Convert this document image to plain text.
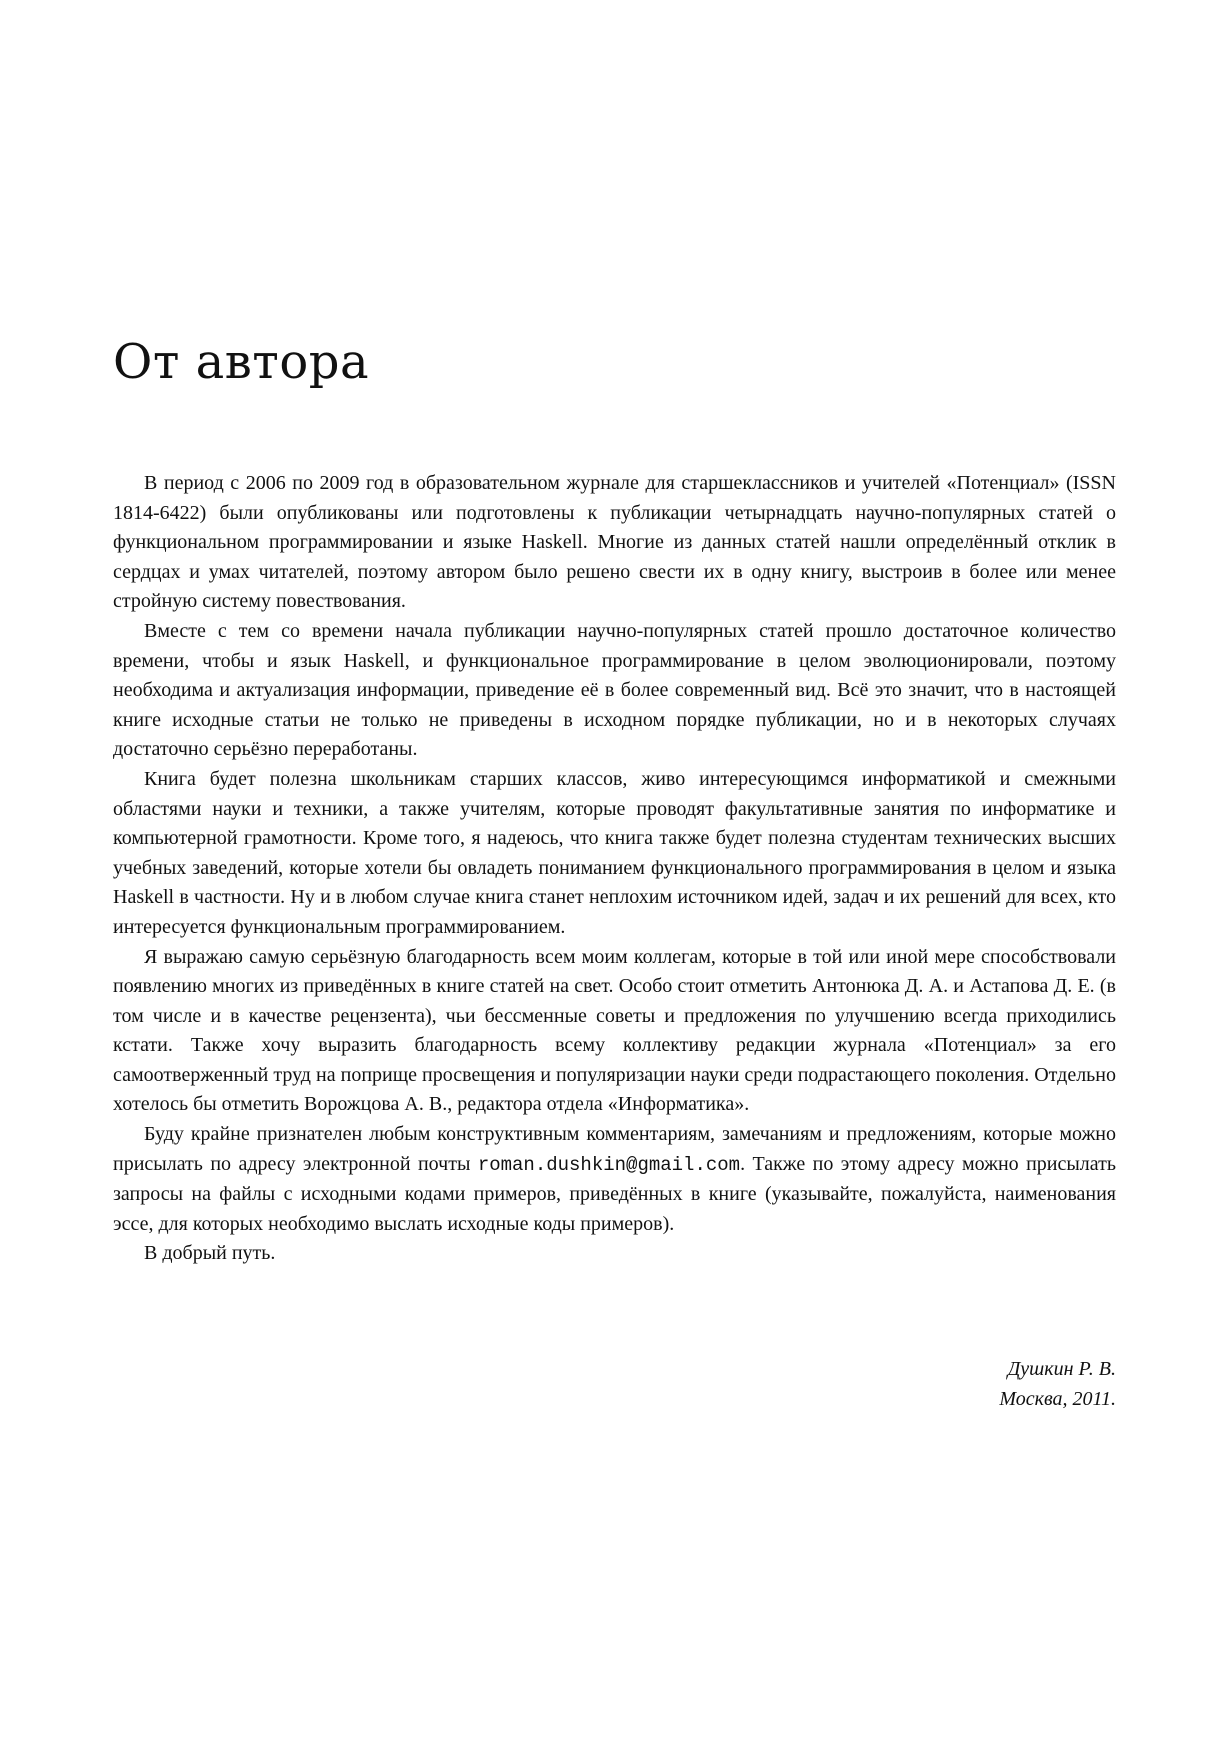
От автора

В период с 2006 по 2009 год в образовательном журнале для старшеклассников и учителей «Потенциал» (ISSN 1814-6422) были опубликованы или подготовлены к публикации четырнадцать научно-популярных статей о функциональном программировании и языке Haskell. Многие из данных статей нашли определённый отклик в сердцах и умах читателей, поэтому автором было решено свести их в одну книгу, выстроив в более или менее стройную систему повествования.

Вместе с тем со времени начала публикации научно-популярных статей прошло достаточное количество времени, чтобы и язык Haskell, и функциональное программирование в целом эволюционировали, поэтому необходима и актуализация информации, приведение её в более современный вид. Всё это значит, что в настоящей книге исходные статьи не только не приведены в исходном порядке публикации, но и в некоторых случаях достаточно серьёзно переработаны.

Книга будет полезна школьникам старших классов, живо интересующимся информатикой и смежными областями науки и техники, а также учителям, которые проводят факультативные занятия по информатике и компьютерной грамотности. Кроме того, я надеюсь, что книга также будет полезна студентам технических высших учебных заведений, которые хотели бы овладеть пониманием функционального программирования в целом и языка Haskell в частности. Ну и в любом случае книга станет неплохим источником идей, задач и их решений для всех, кто интересуется функциональным программированием.

Я выражаю самую серьёзную благодарность всем моим коллегам, которые в той или иной мере способствовали появлению многих из приведённых в книге статей на свет. Особо стоит отметить Антонюка Д. А. и Астапова Д. Е. (в том числе и в качестве рецензента), чьи бессменные советы и предложения по улучшению всегда приходились кстати. Также хочу выразить благодарность всему коллективу редакции журнала «Потенциал» за его самоотверженный труд на поприще просвещения и популяризации науки среди подрастающего поколения. Отдельно хотелось бы отметить Ворожцова А. В., редактора отдела «Информатика».

Буду крайне признателен любым конструктивным комментариям, замечаниям и предложениям, которые можно присылать по адресу электронной почты roman.dushkin@gmail.com. Также по этому адресу можно присылать запросы на файлы с исходными кодами примеров, приведённых в книге (указывайте, пожалуйста, наименования эссе, для которых необходимо выслать исходные коды примеров).

В добрый путь.

Душкин Р. В.
Москва, 2011.
